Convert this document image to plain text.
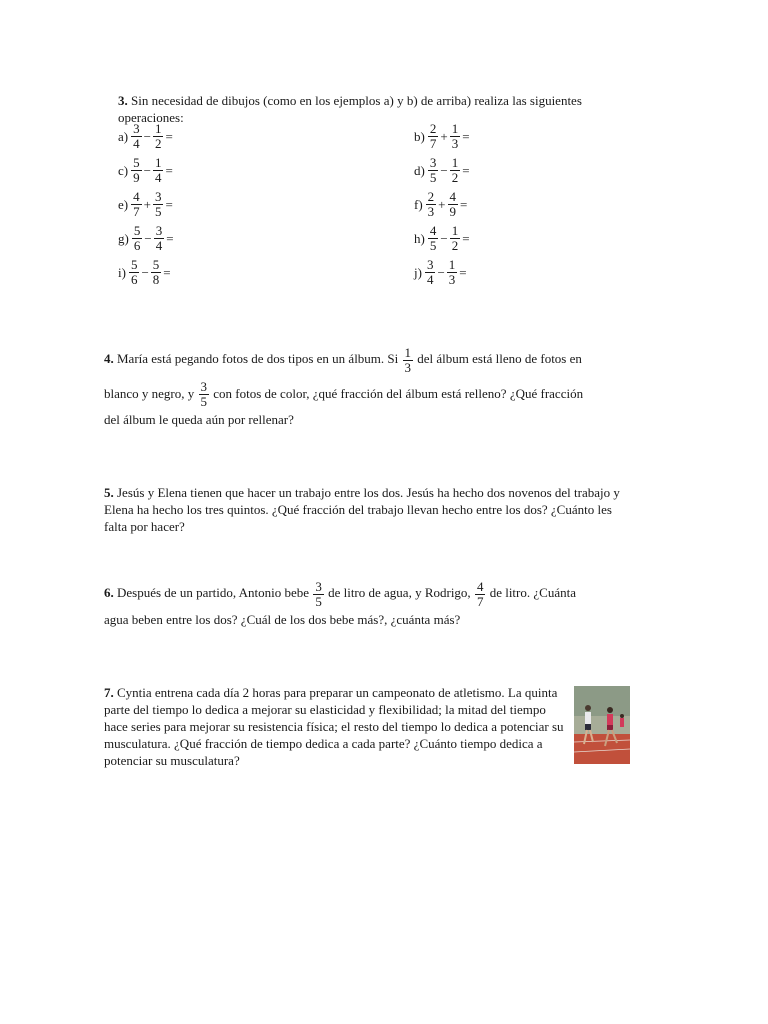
3. Sin necesidad de dibujos (como en los ejemplos a) y b) de arriba) realiza las siguientes operaciones:
$a) \frac{3}{4} - \frac{1}{2}$ =	$b) \frac{2}{7} + \frac{1}{3}$ =
$c) \frac{5}{9} - \frac{1}{4}$ =	$d) \frac{3}{5} - \frac{1}{2}$ =
$e) \frac{4}{7} + \frac{3}{5}$ =	$f) \frac{2}{3} + \frac{4}{9}$ =
$g) \frac{5}{6} - \frac{3}{4}$ =	$h) \frac{4}{5} - \frac{1}{2}$ =
$i) \frac{5}{6} - \frac{5}{8}$ =	$j) \frac{3}{4} - \frac{1}{3}$ =
4. María está pegando fotos de dos tipos en un álbum. Si $\frac{1}{3}$ del álbum está lleno de fotos en
blanco y negro, y $\frac{3}{5}$ con fotos de color, ¿qué fracción del álbum está relleno? ¿Qué fracción
del álbum le queda aún por rellenar?
5. Jesús y Elena tienen que hacer un trabajo entre los dos. Jesús ha hecho dos novenos del trabajo y Elena ha hecho los tres quintos. ¿Qué fracción del trabajo llevan hecho entre los dos? ¿Cuánto les falta por hacer?
6. Después de un partido, Antonio bebe $\frac{3}{5}$ de litro de agua, y Rodrigo, $\frac{4}{7}$ de litro. ¿Cuánta
agua beben entre los dos? ¿Cuál de los dos bebe más?, ¿cuánta más?
7. Cyntia entrena cada día 2 horas para preparar un campeonato de atletismo. La quinta parte del tiempo lo dedica a mejorar su elasticidad y flexibilidad; la mitad del tiempo hace series para mejorar su resistencia física; el resto del tiempo lo dedica a potenciar su musculatura. ¿Qué fracción de tiempo dedica a cada parte? ¿Cuánto tiempo dedica a potenciar su musculatura?
